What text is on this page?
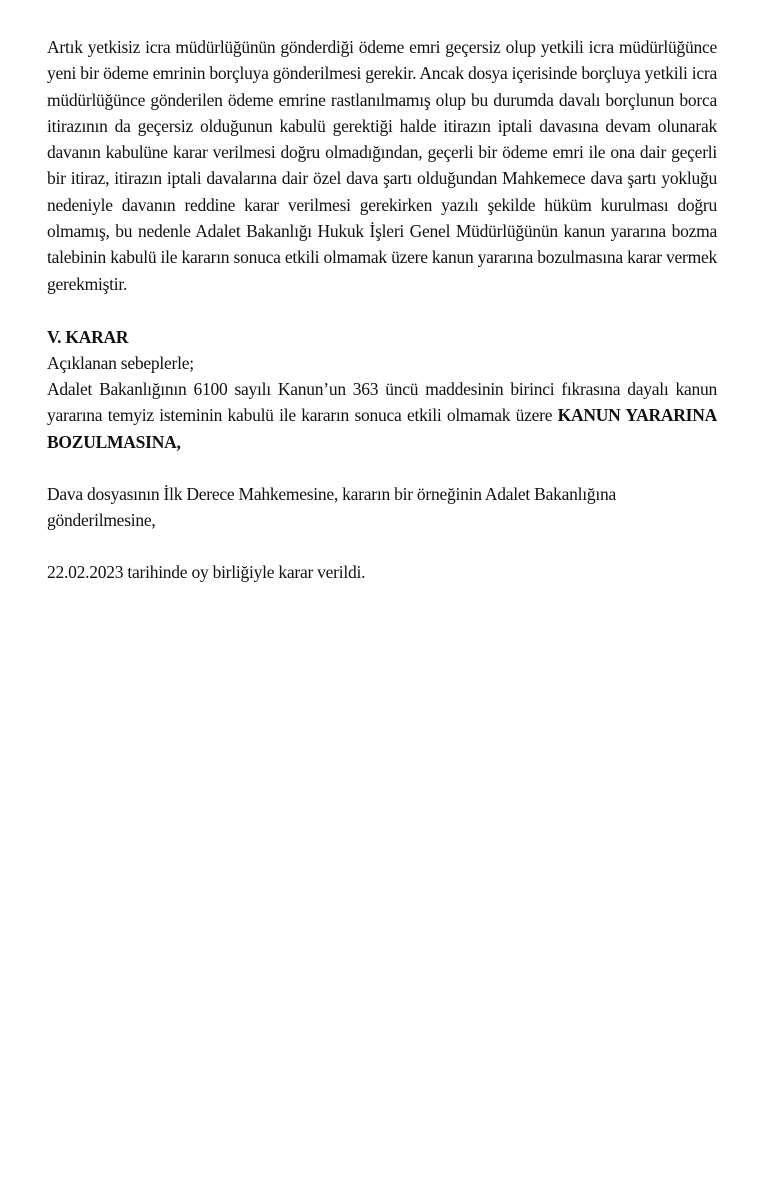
Artık yetkisiz icra müdürlüğünün gönderdiği ödeme emri geçersiz olup yetkili icra müdürlüğünce yeni bir ödeme emrinin borçluya gönderilmesi gerekir. Ancak dosya içerisinde borçluya yetkili icra müdürlüğünce gönderilen ödeme emrine rastlanılmamış olup bu durumda davalı borçlunun borca itirazının da geçersiz olduğunun kabulü gerektiği halde itirazın iptali davasına devam olunarak davanın kabulüne karar verilmesi doğru olmadığından, geçerli bir ödeme emri ile ona dair geçerli bir itiraz, itirazın iptali davalarına dair özel dava şartı olduğundan Mahkemece dava şartı yokluğu nedeniyle davanın reddine karar verilmesi gerekirken yazılı şekilde hüküm kurulması doğru olmamış, bu nedenle Adalet Bakanlığı Hukuk İşleri Genel Müdürlüğünün kanun yararına bozma talebinin kabulü ile kararın sonuca etkili olmamak üzere kanun yararına bozulmasına karar vermek gerekmiştir.

V. KARAR

Açıklanan sebeplerle;

Adalet Bakanlığının 6100 sayılı Kanun’un 363 üncü maddesinin birinci fıkrasına dayalı kanun yararına temyiz isteminin kabulü ile kararın sonuca etkili olmamak üzere KANUN YARARINA BOZULMASINA,

Dava dosyasının İlk Derece Mahkemesine, kararın bir örneğinin Adalet Bakanlığına gönderilmesine,

22.02.2023 tarihinde oy birliğiyle karar verildi.
